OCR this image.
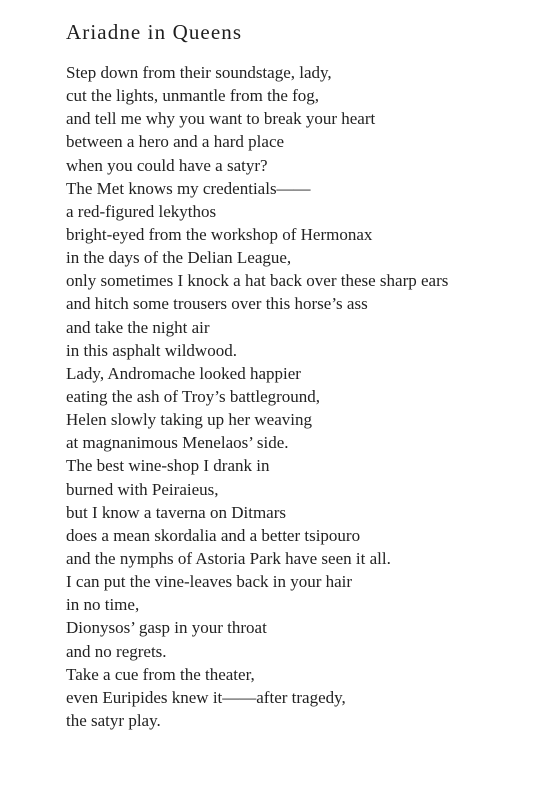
Ariadne in Queens
Step down from their soundstage, lady,
cut the lights, unmantle from the fog,
and tell me why you want to break your heart
between a hero and a hard place
when you could have a satyr?
The Met knows my credentials——
a red-figured lekythos
bright-eyed from the workshop of Hermonax
in the days of the Delian League,
only sometimes I knock a hat back over these sharp ears
and hitch some trousers over this horse’s ass
and take the night air
in this asphalt wildwood.
Lady, Andromache looked happier
eating the ash of Troy’s battleground,
Helen slowly taking up her weaving
at magnanimous Menelaos’ side.
The best wine-shop I drank in
burned with Peiraieus,
but I know a taverna on Ditmars
does a mean skordalia and a better tsipouro
and the nymphs of Astoria Park have seen it all.
I can put the vine-leaves back in your hair
in no time,
Dionysos’ gasp in your throat
and no regrets.
Take a cue from the theater,
even Euripides knew it——after tragedy,
the satyr play.
